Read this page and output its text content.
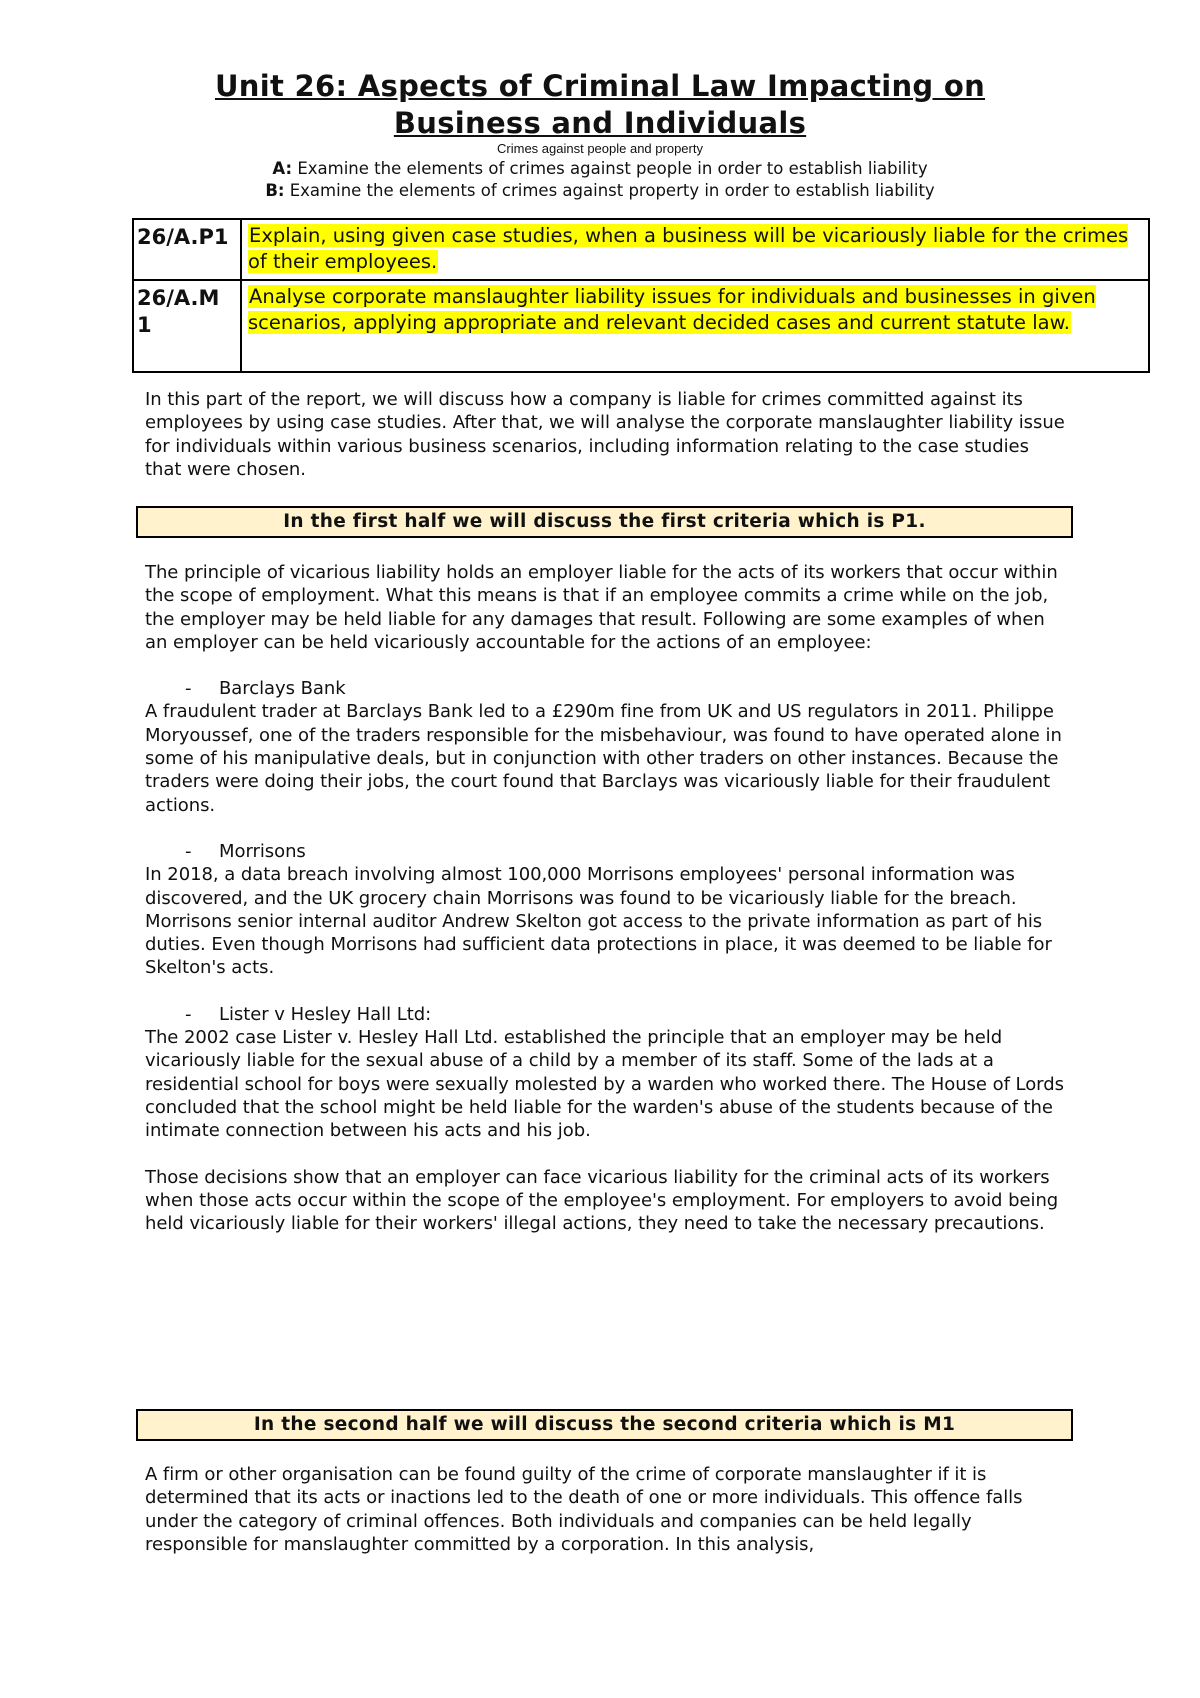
Unit 26: Aspects of Criminal Law Impacting on
Business and Individuals
Crimes against people and property
A: Examine the elements of crimes against people in order to establish liability
B: Examine the elements of crimes against property in order to establish liability
26/A.P1	Explain, using given case studies, when a business will be vicariously liable for the crimes of their employees.
26/A.M 1	Analyse corporate manslaughter liability issues for individuals and businesses in given scenarios, applying appropriate and relevant decided cases and current statute law.
In this part of the report, we will discuss how a company is liable for crimes committed against its employees by using case studies. After that, we will analyse the corporate manslaughter liability issue for individuals within various business scenarios, including information relating to the case studies that were chosen.
In the first half we will discuss the first criteria which is P1.

The principle of vicarious liability holds an employer liable for the acts of its workers that occur within the scope of employment. What this means is that if an employee commits a crime while on the job, the employer may be held liable for any damages that result. Following are some examples of when an employer can be held vicariously accountable for the actions of an employee:

- Barclays Bank

A fraudulent trader at Barclays Bank led to a £290m fine from UK and US regulators in 2011. Philippe Moryoussef, one of the traders responsible for the misbehaviour, was found to have operated alone in some of his manipulative deals, but in conjunction with other traders on other instances. Because the traders were doing their jobs, the court found that Barclays was vicariously liable for their fraudulent actions.

- Morrisons

In 2018, a data breach involving almost 100,000 Morrisons employees' personal information was discovered, and the UK grocery chain Morrisons was found to be vicariously liable for the breach. Morrisons senior internal auditor Andrew Skelton got access to the private information as part of his duties. Even though Morrisons had sufficient data protections in place, it was deemed to be liable for Skelton's acts.

- Lister v Hesley Hall Ltd:

The 2002 case Lister v. Hesley Hall Ltd. established the principle that an employer may be held vicariously liable for the sexual abuse of a child by a member of its staff. Some of the lads at a residential school for boys were sexually molested by a warden who worked there. The House of Lords concluded that the school might be held liable for the warden's abuse of the students because of the intimate connection between his acts and his job.

Those decisions show that an employer can face vicarious liability for the criminal acts of its workers when those acts occur within the scope of the employee's employment. For employers to avoid being held vicariously liable for their workers' illegal actions, they need to take the necessary precautions.

In the second half we will discuss the second criteria which is M1
A firm or other organisation can be found guilty of the crime of corporate manslaughter if it is determined that its acts or inactions led to the death of one or more individuals. This offence falls under the category of criminal offences. Both individuals and companies can be held legally responsible for manslaughter committed by a corporation. In this analysis,
